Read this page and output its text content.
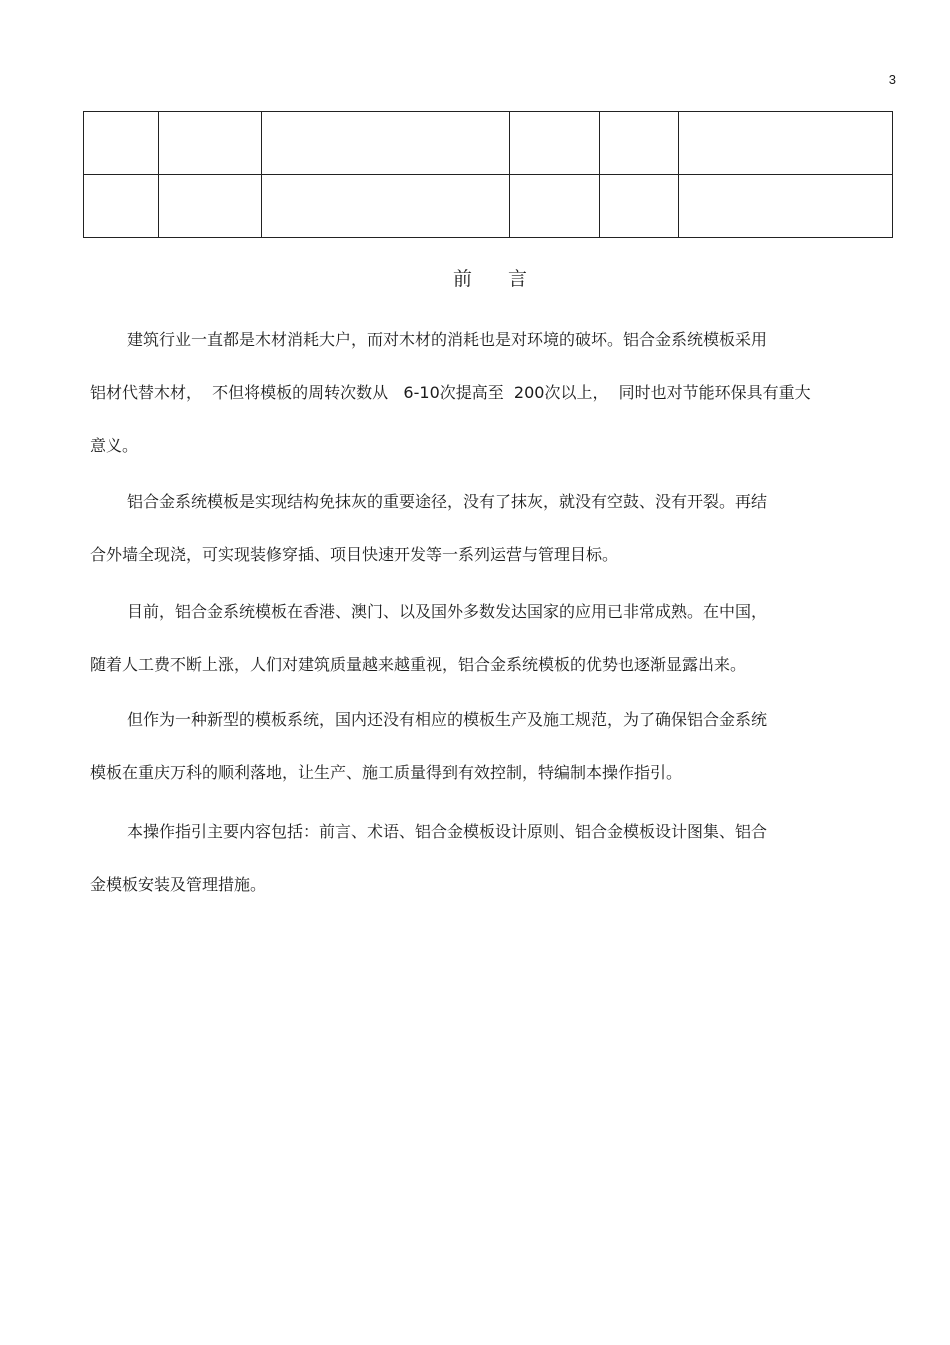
3

前 言

建筑行业一直都是木材消耗大户，而对木材的消耗也是对环境的破坏。铝合金系统模板采用
铝材代替木材，  不但将模板的周转次数从   6-10次提高至  200次以上，  同时也对节能环保具有重大
意义。

铝合金系统模板是实现结构免抹灰的重要途径，没有了抹灰，就没有空鼓、没有开裂。再结
合外墙全现浇，可实现装修穿插、项目快速开发等一系列运营与管理目标。

目前，铝合金系统模板在香港、澳门、以及国外多数发达国家的应用已非常成熟。在中国，
随着人工费不断上涨，人们对建筑质量越来越重视，铝合金系统模板的优势也逐渐显露出来。

但作为一种新型的模板系统，国内还没有相应的模板生产及施工规范，为了确保铝合金系统
模板在重庆万科的顺利落地，让生产、施工质量得到有效控制，特编制本操作指引。

本操作指引主要内容包括：前言、术语、铝合金模板设计原则、铝合金模板设计图集、铝合
金模板安装及管理措施。
